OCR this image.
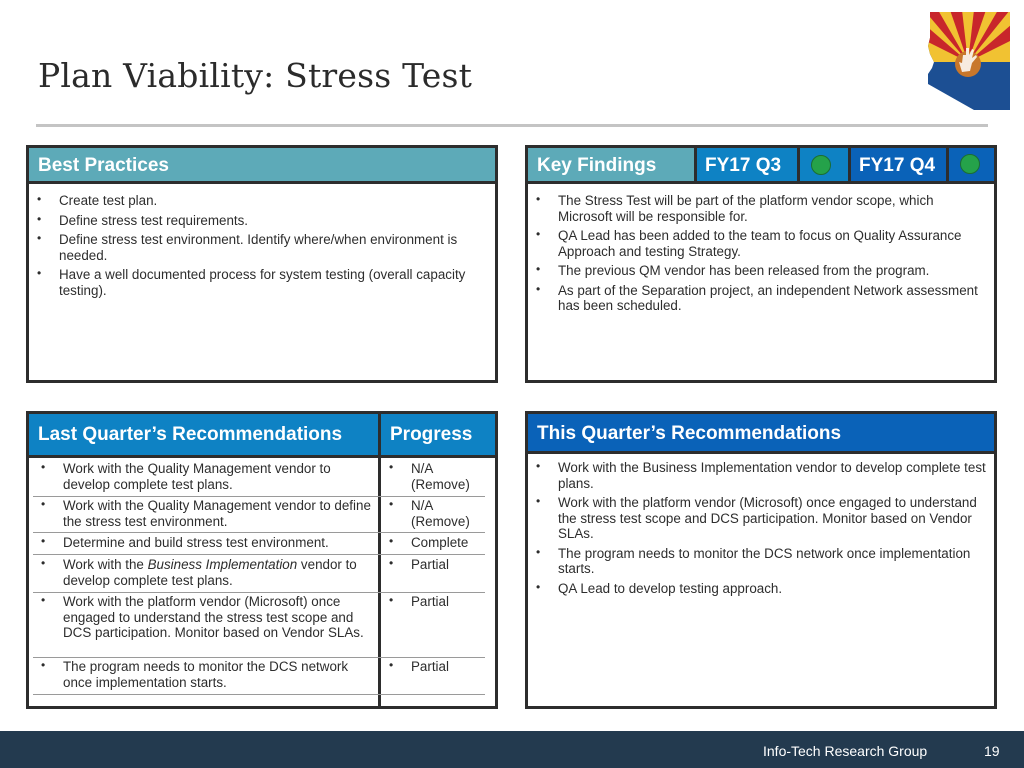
Plan Viability: Stress Test
Best Practices
• Create test plan.
• Define stress test requirements.
• Define stress test environment. Identify where/when environment is needed.
• Have a well documented process for system testing (overall capacity testing).
Key Findings	FY17 Q3	FY17 Q4
• The Stress Test will be part of the platform vendor scope, which Microsoft will be responsible for.
• QA Lead has been added to the team to focus on Quality Assurance Approach and testing Strategy.
• The previous QM vendor has been released from the program.
• As part of the Separation project, an independent Network assessment has been scheduled.
Last Quarter’s Recommendations	Progress
• Work with the Quality Management vendor to develop complete test plans.
• N/A (Remove)
• Work with the Quality Management vendor to define the stress test environment.
• N/A (Remove)
• Determine and build stress test environment.
•	Complete
• Work with the Business Implementation vendor to develop complete test plans.
• Partial
• Work with the platform vendor (Microsoft) once engaged to understand the stress test scope and DCS participation. Monitor based on Vendor SLAs.
• Partial
• The program needs to monitor the DCS network once implementation starts.
• Partial
This Quarter’s Recommendations
• Work with the Business Implementation vendor to develop complete test plans.
• Work with the platform vendor (Microsoft) once engaged to understand the stress test scope and DCS participation. Monitor based on Vendor SLAs.
• The program needs to monitor the DCS network once implementation starts.
• QA Lead to develop testing approach.
Info-Tech Research Group	19
